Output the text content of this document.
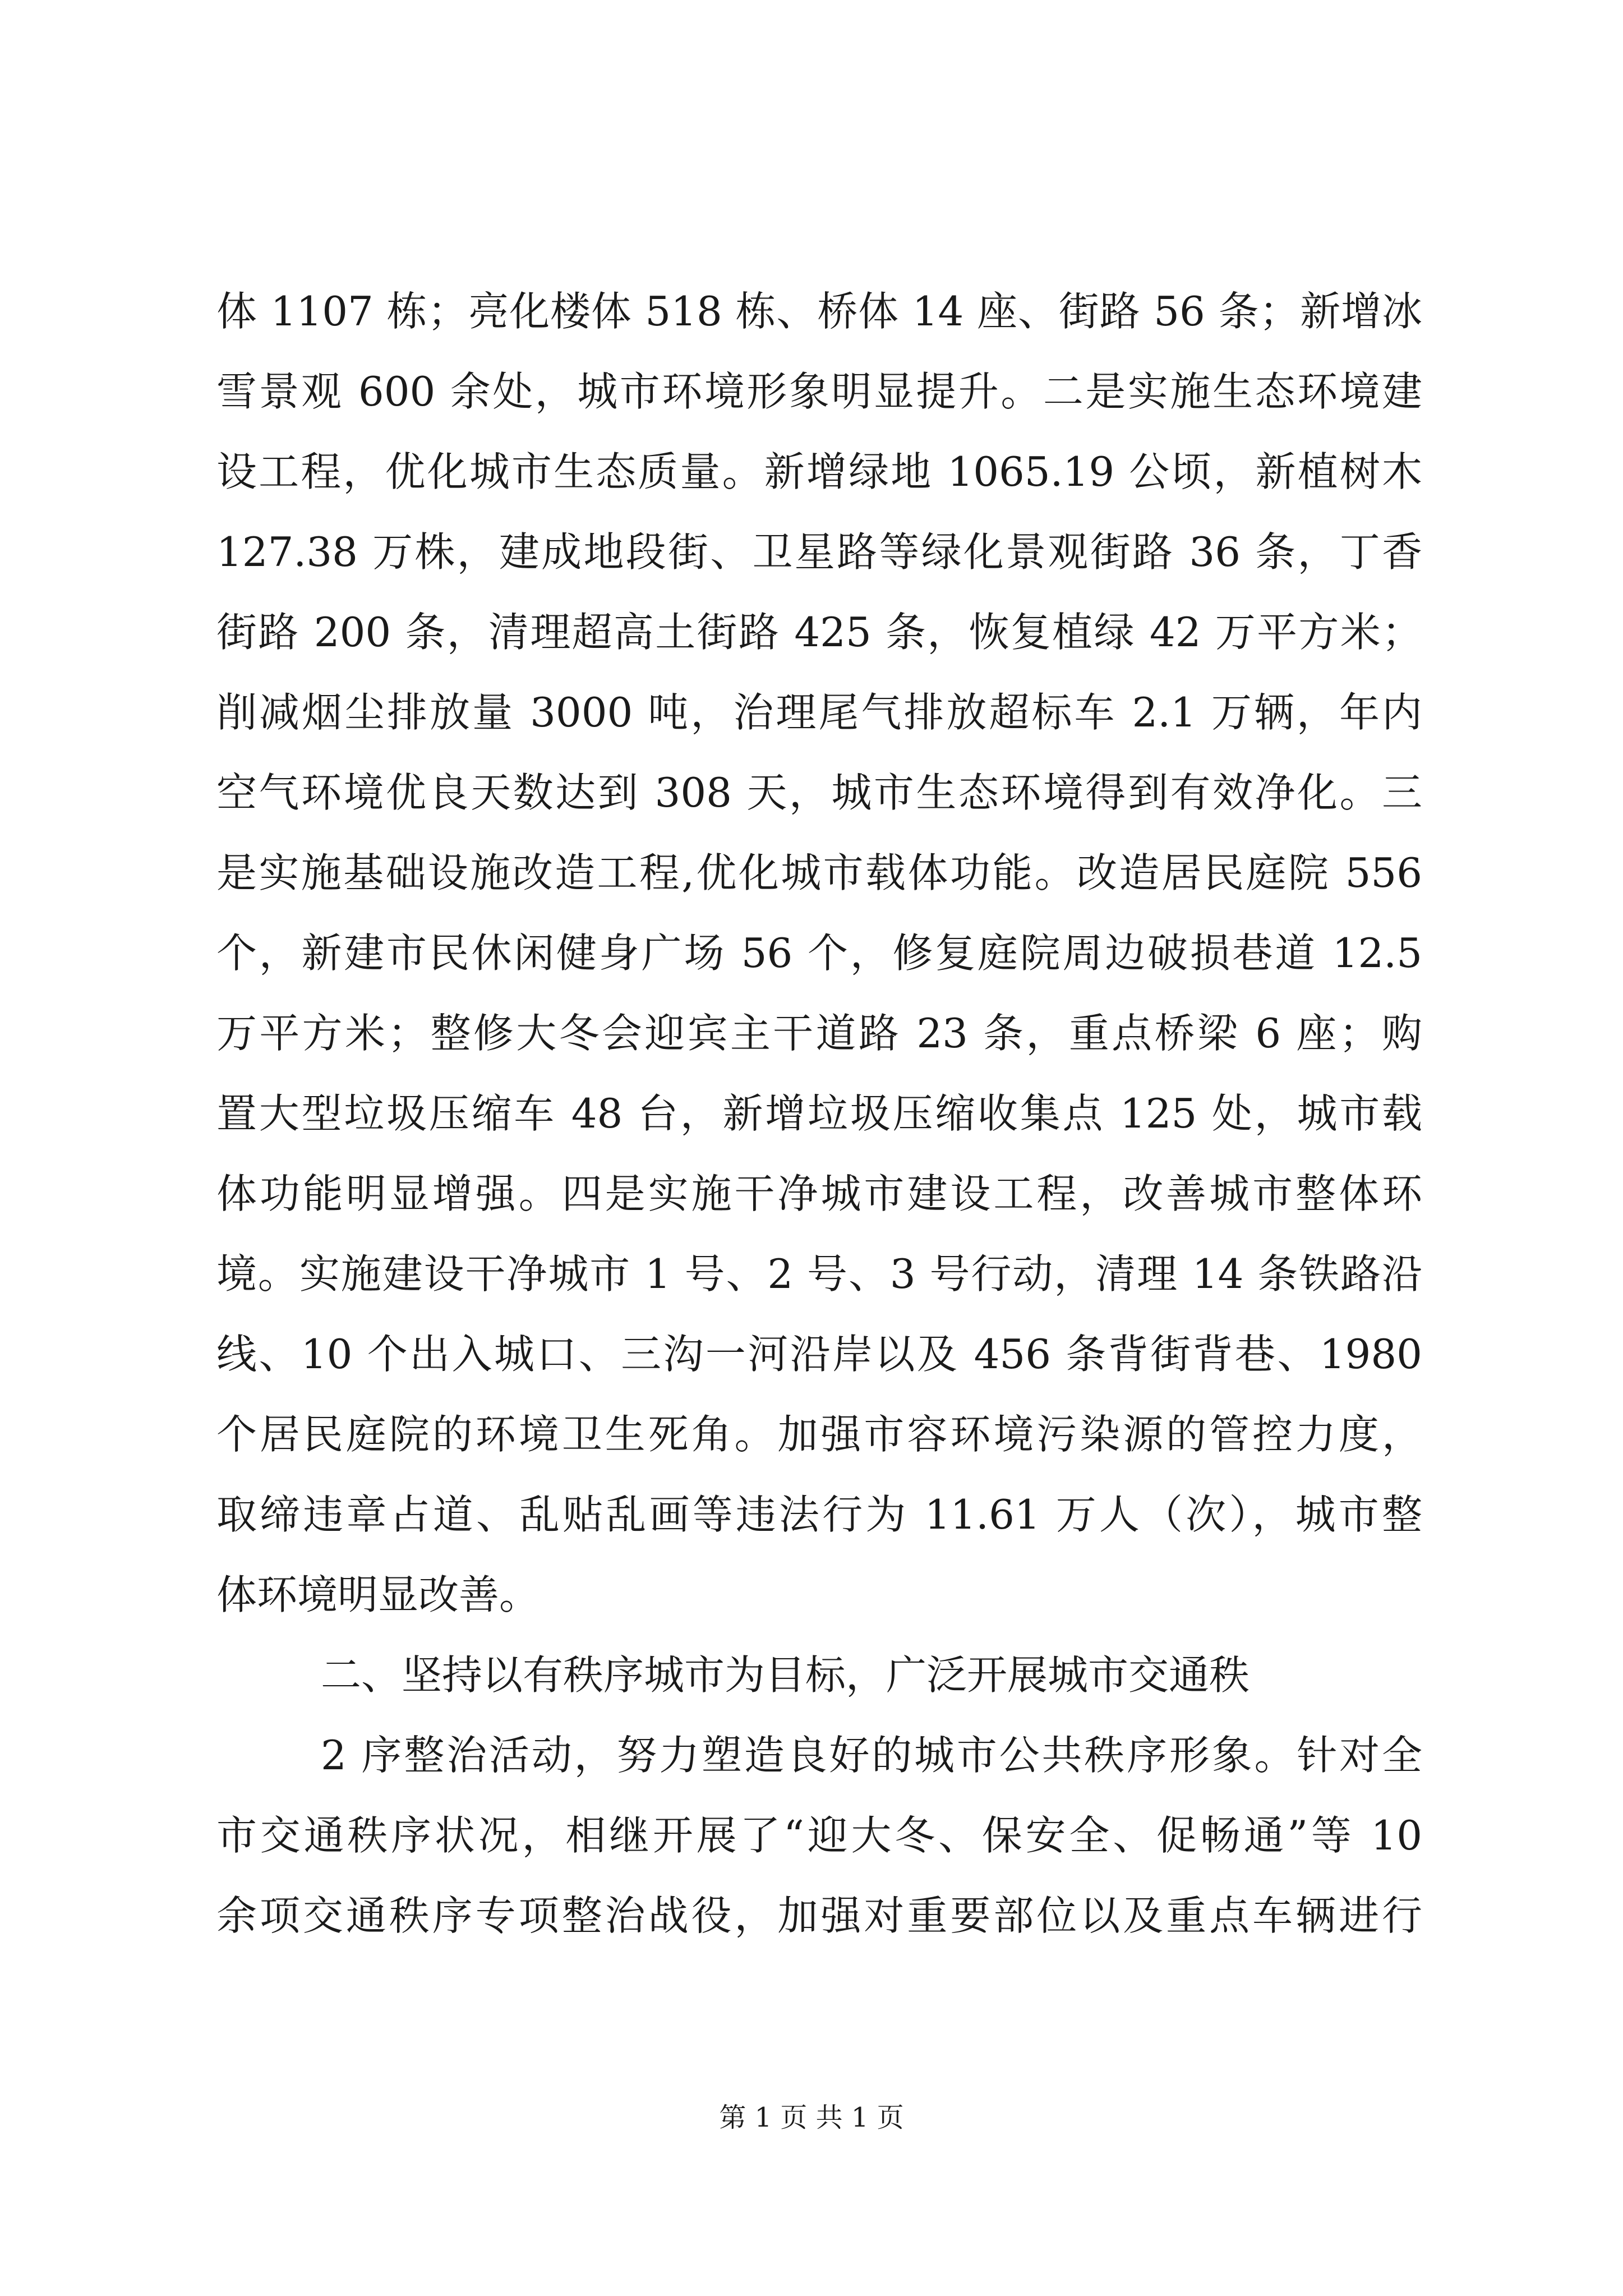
体 1107 栋；亮化楼体 518 栋、桥体 14 座、街路 56 条；新增冰
雪景观 600 余处，城市环境形象明显提升。二是实施生态环境建
设工程，优化城市生态质量。新增绿地 1065.19 公顷，新植树木
127.38 万株，建成地段街、卫星路等绿化景观街路 36 条，丁香
街路 200 条，清理超高土街路 425 条，恢复植绿 42 万平方米；
削减烟尘排放量 3000 吨，治理尾气排放超标车 2.1 万辆，年内
空气环境优良天数达到 308 天，城市生态环境得到有效净化。三
是实施基础设施改造工程,优化城市载体功能。改造居民庭院 556
个，新建市民休闲健身广场 56 个，修复庭院周边破损巷道 12.5
万平方米；整修大冬会迎宾主干道路 23 条，重点桥梁 6 座；购
置大型垃圾压缩车 48 台，新增垃圾压缩收集点 125 处，城市载
体功能明显增强。四是实施干净城市建设工程，改善城市整体环
境。实施建设干净城市 1 号、2 号、3 号行动，清理 14 条铁路沿
线、10 个出入城口、三沟一河沿岸以及 456 条背街背巷、1980
个居民庭院的环境卫生死角。加强市容环境污染源的管控力度，
取缔违章占道、乱贴乱画等违法行为 11.61 万人（次），城市整
体环境明显改善。
二、坚持以有秩序城市为目标，广泛开展城市交通秩
2 序整治活动，努力塑造良好的城市公共秩序形象。针对全
市交通秩序状况，相继开展了“迎大冬、保安全、促畅通”等 10
余项交通秩序专项整治战役，加强对重要部位以及重点车辆进行
第 1 页 共 1 页
